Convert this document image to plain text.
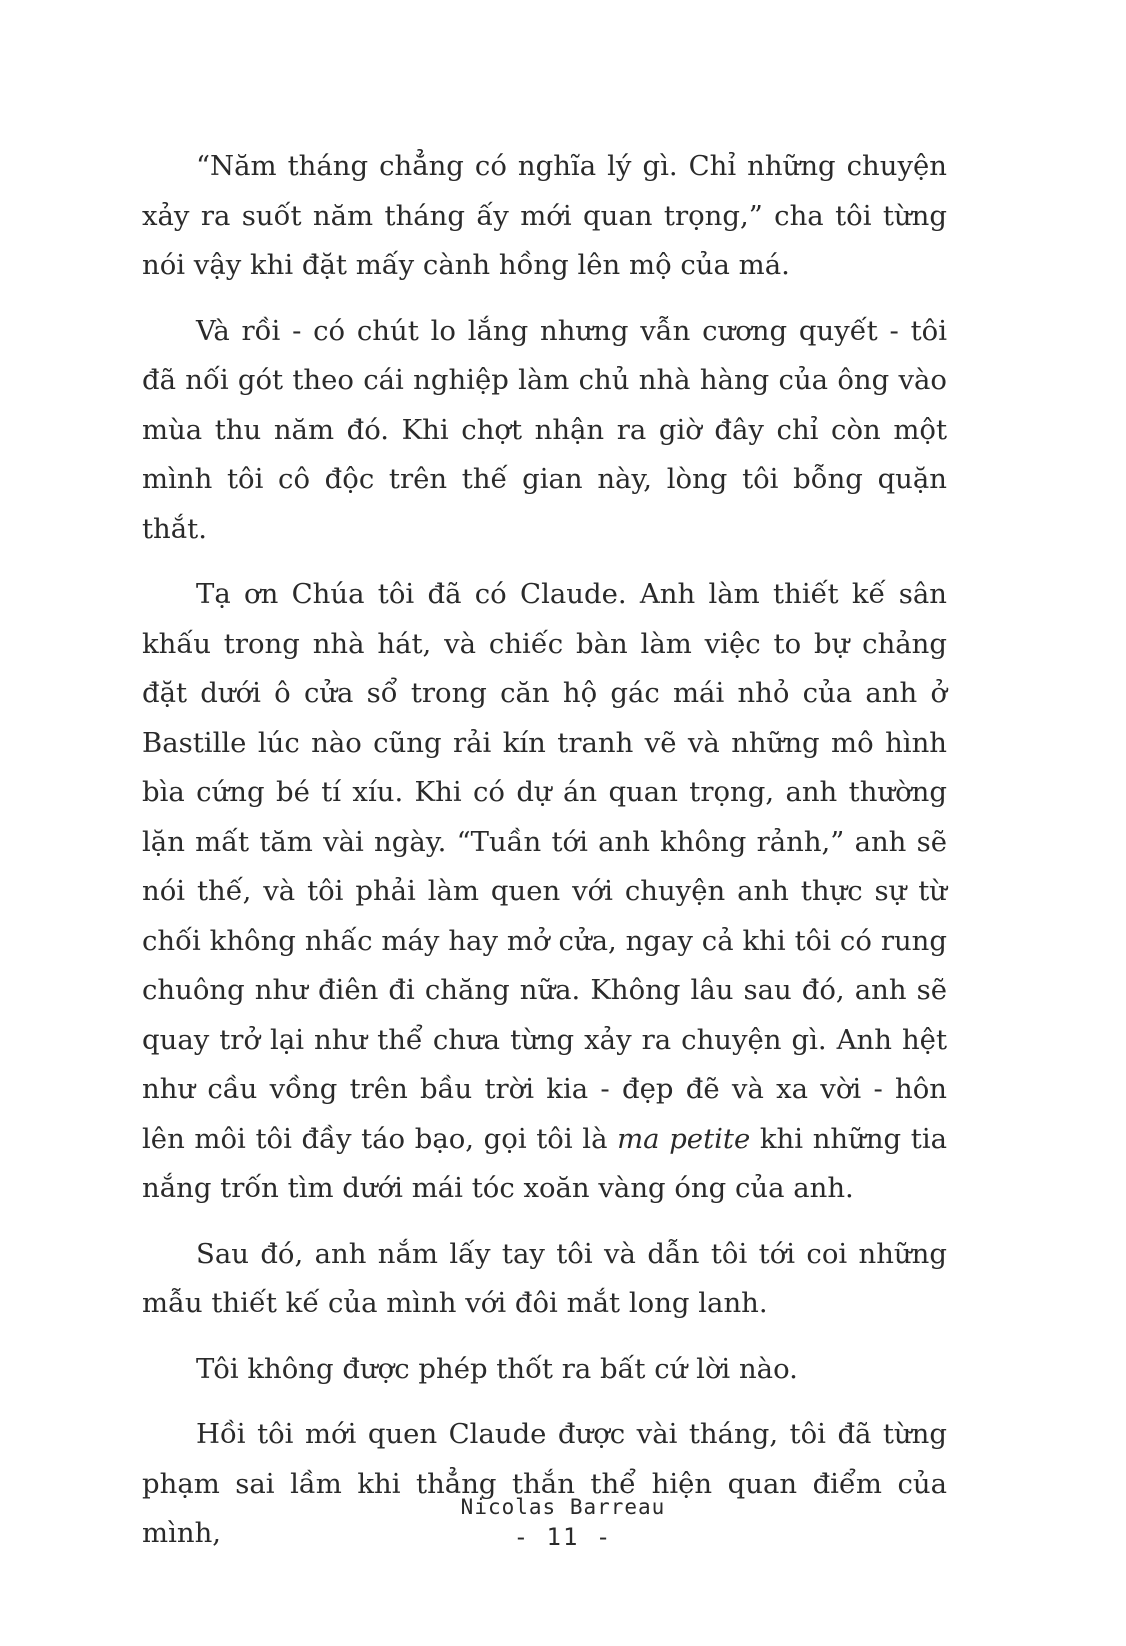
“Năm tháng chẳng có nghĩa lý gì. Chỉ những chuyện xảy ra suốt năm tháng ấy mới quan trọng,” cha tôi từng nói vậy khi đặt mấy cành hồng lên mộ của má.

Và rồi - có chút lo lắng nhưng vẫn cương quyết - tôi đã nối gót theo cái nghiệp làm chủ nhà hàng của ông vào mùa thu năm đó. Khi chợt nhận ra giờ đây chỉ còn một mình tôi cô độc trên thế gian này, lòng tôi bỗng quặn thắt.

Tạ ơn Chúa tôi đã có Claude. Anh làm thiết kế sân khấu trong nhà hát, và chiếc bàn làm việc to bự chảng đặt dưới ô cửa sổ trong căn hộ gác mái nhỏ của anh ở Bastille lúc nào cũng rải kín tranh vẽ và những mô hình bìa cứng bé tí xíu. Khi có dự án quan trọng, anh thường lặn mất tăm vài ngày. “Tuần tới anh không rảnh,” anh sẽ nói thế, và tôi phải làm quen với chuyện anh thực sự từ chối không nhấc máy hay mở cửa, ngay cả khi tôi có rung chuông như điên đi chăng nữa. Không lâu sau đó, anh sẽ quay trở lại như thể chưa từng xảy ra chuyện gì. Anh hệt như cầu vồng trên bầu trời kia - đẹp đẽ và xa vời - hôn lên môi tôi đầy táo bạo, gọi tôi là ma petite khi những tia nắng trốn tìm dưới mái tóc xoăn vàng óng của anh.

Sau đó, anh nắm lấy tay tôi và dẫn tôi tới coi những mẫu thiết kế của mình với đôi mắt long lanh.

Tôi không được phép thốt ra bất cứ lời nào.

Hồi tôi mới quen Claude được vài tháng, tôi đã từng phạm sai lầm khi thẳng thắn thể hiện quan điểm của mình,

Nicolas Barreau
- 11 -
